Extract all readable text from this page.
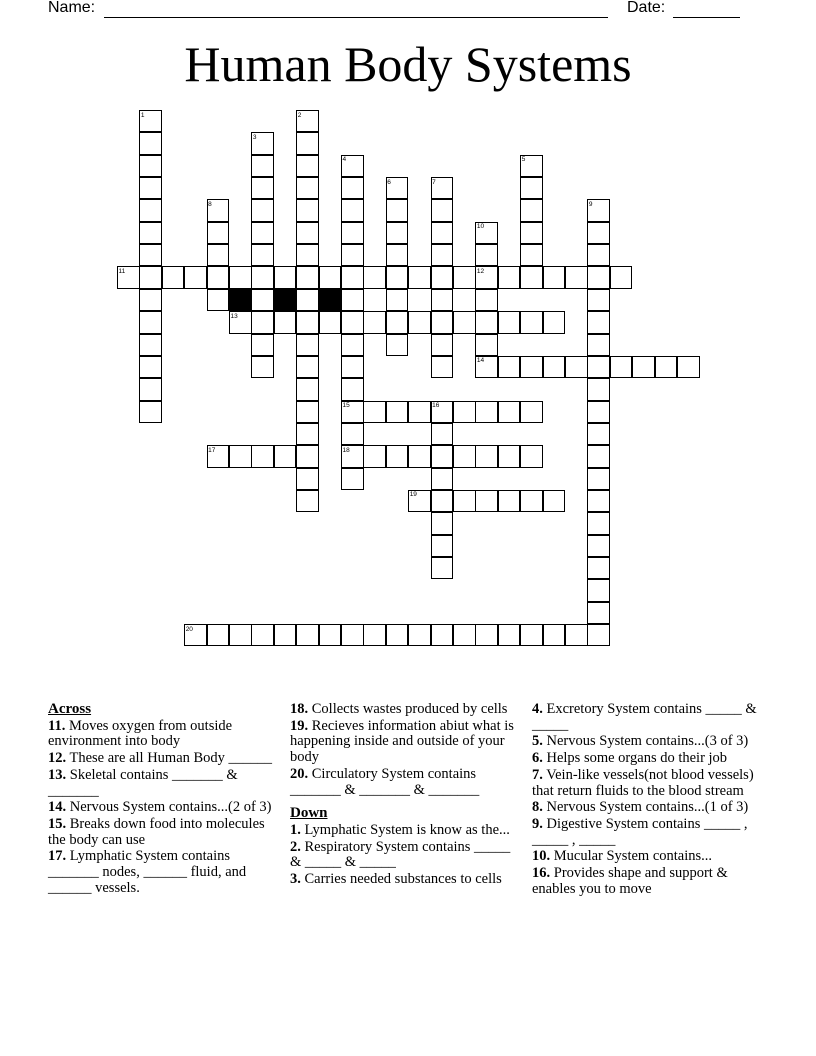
Name:	Date:
Human Body Systems
11	12
13
14
15
17	18
19
20
1	2
3
4	5
6	7
8	9
10
16
Across
11. Moves oxygen from outside environment into body
12. These are all Human Body ______
13. Skeletal contains _______ & _______
14. Nervous System contains...(2 of 3)
15. Breaks down food into molecules the body can use
17. Lymphatic System contains _______ nodes, ______ fluid, and ______ vessels.
18. Collects wastes produced by cells
19. Recieves information abiut what is happening inside and outside of your body
20. Circulatory System contains _______ & _______ & _______
Down
1. Lymphatic System is know as the...
2. Respiratory System contains _____ & _____ & _____
3. Carries needed substances to cells
4. Excretory System contains _____ & _____
5. Nervous System contains...(3 of 3)
6. Helps some organs do their job
7. Vein-like vessels(not blood vessels) that return fluids to the blood stream
8. Nervous System contains...(1 of 3)
9. Digestive System contains _____ , _____ , _____
10. Mucular System contains...
16. Provides shape and support & enables you to move
